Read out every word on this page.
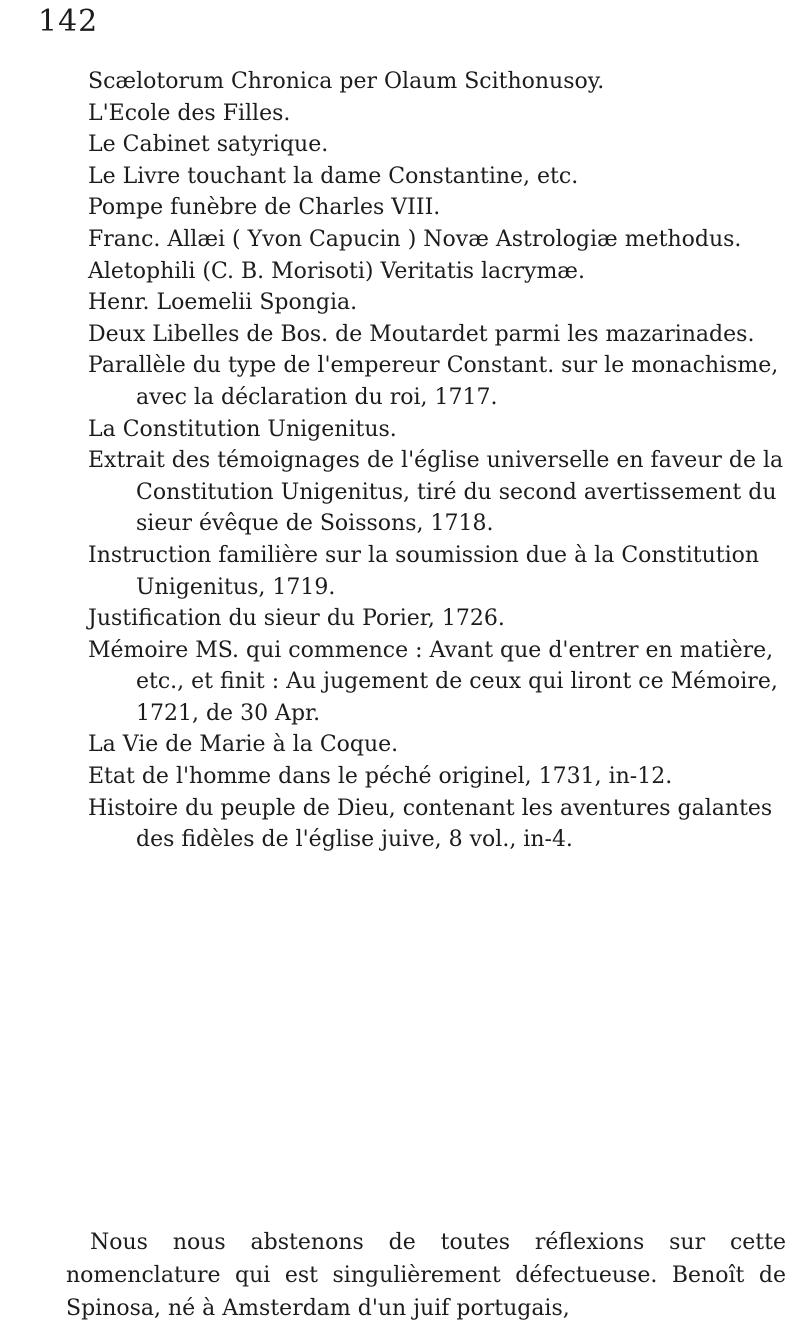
142
Scælotorum Chronica per Olaum Scithonusoy.
L'Ecole des Filles.
Le Cabinet satyrique.
Le Livre touchant la dame Constantine, etc.
Pompe funèbre de Charles VIII.
Franc. Allæi ( Yvon Capucin ) Novæ Astrologiæ methodus.
Aletophili (C. B. Morisoti) Veritatis lacrymæ.
Henr. Loemelii Spongia.
Deux Libelles de Bos. de Moutardet parmi les mazarinades.
Parallèle du type de l'empereur Constant. sur le monachisme, avec la déclaration du roi, 1717.
La Constitution Unigenitus.
Extrait des témoignages de l'église universelle en faveur de la Constitution Unigenitus, tiré du second avertissement du sieur évêque de Soissons, 1718.
Instruction familière sur la soumission due à la Constitution Unigenitus, 1719.
Justification du sieur du Porier, 1726.
Mémoire MS. qui commence : Avant que d'entrer en matière, etc., et finit : Au jugement de ceux qui liront ce Mémoire, 1721, de 30 Apr.
La Vie de Marie à la Coque.
Etat de l'homme dans le péché originel, 1731, in-12.
Histoire du peuple de Dieu, contenant les aventures galantes des fidèles de l'église juive, 8 vol., in-4.

Nous nous abstenons de toutes réflexions sur cette nomenclature qui est singulièrement défectueuse. Benoît de Spinosa, né à Amsterdam d'un juif portugais,
